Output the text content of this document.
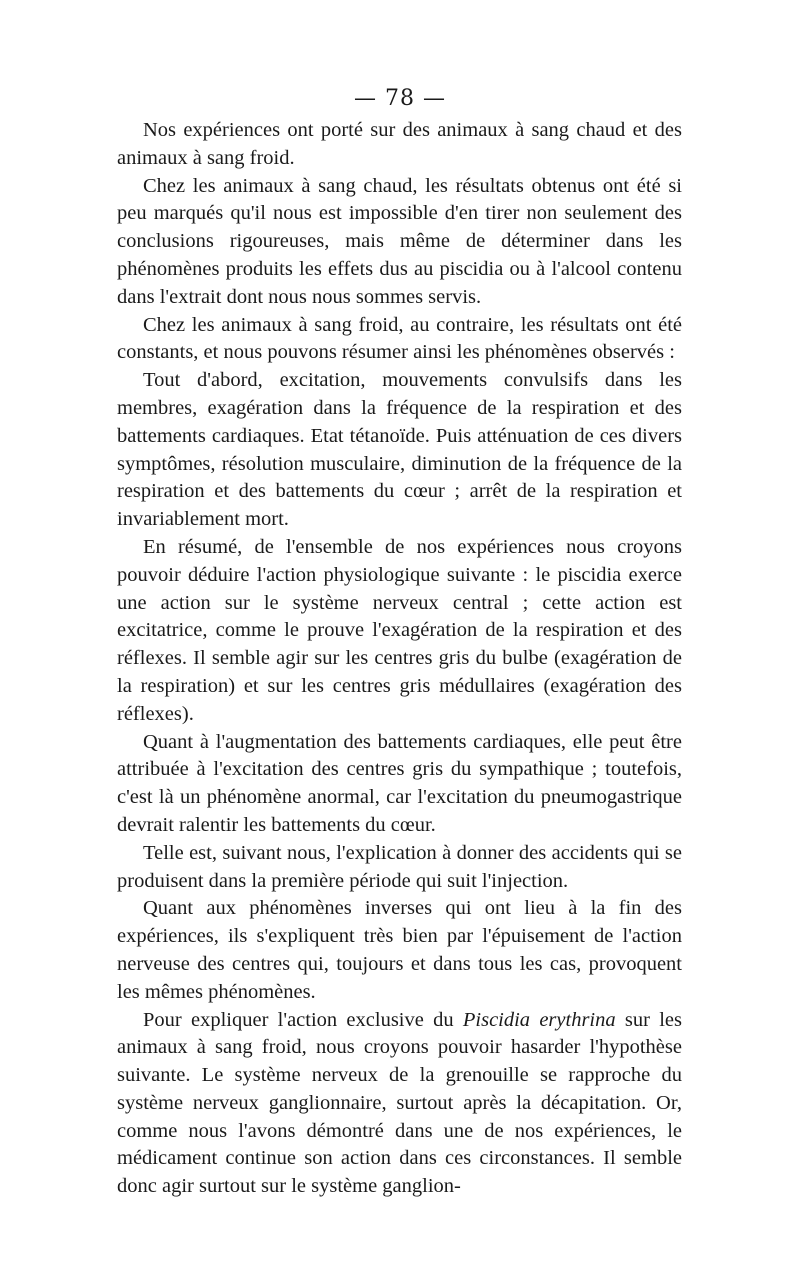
— 78 —

Nos expériences ont porté sur des animaux à sang chaud et des animaux à sang froid.

Chez les animaux à sang chaud, les résultats obtenus ont été si peu marqués qu'il nous est impossible d'en tirer non seulement des conclusions rigoureuses, mais même de déterminer dans les phénomènes produits les effets dus au piscidia ou à l'alcool contenu dans l'extrait dont nous nous sommes servis.

Chez les animaux à sang froid, au contraire, les résultats ont été constants, et nous pouvons résumer ainsi les phénomènes observés :

Tout d'abord, excitation, mouvements convulsifs dans les membres, exagération dans la fréquence de la respiration et des battements cardiaques. Etat tétanoïde. Puis atténuation de ces divers symptômes, résolution musculaire, diminution de la fréquence de la respiration et des battements du cœur ; arrêt de la respiration et invariablement mort.

En résumé, de l'ensemble de nos expériences nous croyons pouvoir déduire l'action physiologique suivante : le piscidia exerce une action sur le système nerveux central ; cette action est excitatrice, comme le prouve l'exagération de la respiration et des réflexes. Il semble agir sur les centres gris du bulbe (exagération de la respiration) et sur les centres gris médullaires (exagération des réflexes).

Quant à l'augmentation des battements cardiaques, elle peut être attribuée à l'excitation des centres gris du sympathique ; toutefois, c'est là un phénomène anormal, car l'excitation du pneumogastrique devrait ralentir les battements du cœur.

Telle est, suivant nous, l'explication à donner des accidents qui se produisent dans la première période qui suit l'injection.

Quant aux phénomènes inverses qui ont lieu à la fin des expériences, ils s'expliquent très bien par l'épuisement de l'action nerveuse des centres qui, toujours et dans tous les cas, provoquent les mêmes phénomènes.

Pour expliquer l'action exclusive du Piscidia erythrina sur les animaux à sang froid, nous croyons pouvoir hasarder l'hypothèse suivante. Le système nerveux de la grenouille se rapproche du système nerveux ganglionnaire, surtout après la décapitation. Or, comme nous l'avons démontré dans une de nos expériences, le médicament continue son action dans ces circonstances. Il semble donc agir surtout sur le système ganglion-
